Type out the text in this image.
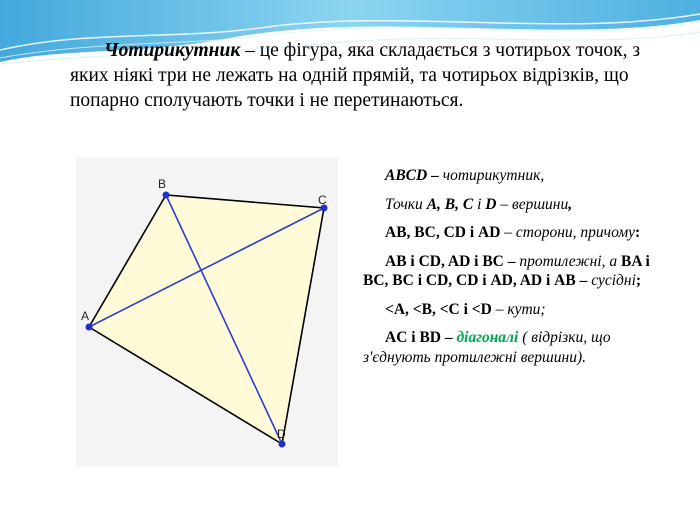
Чотирикутник – це фігура, яка складається з чотирьох точок, з яких ніякі три не лежать на одній прямій, та чотирьох відрізків, що попарно сполучають точки і не перетинаються.

A
B
C
D

ABCD – чотирикутник,

Точки A, B, C і D – вершини,

AB, BC, CD і AD – сторони, причому:

AB і CD, AD і BC – протилежні, а BA і BC, BC і CD, CD і AD, AD і AB – сусідні;

<A, <B, <C і <D – кути;

AC і BD – діагоналі ( відрізки, що з'єднують протилежні вершини).
